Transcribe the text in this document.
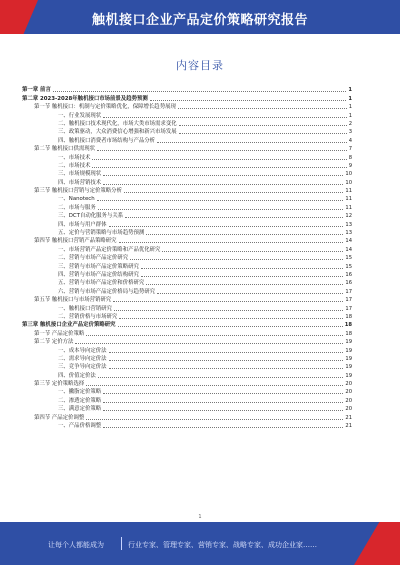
触机接口企业产品定价策略研究报告
内容目录
第一章 前言	1
第二章 2023-2028年触机接口市场前景及趋势预测	1
第一节 触机接口：机制与定价策略优化，保障增长趋势展现	1
一、行业发展现状	1
二、触机接口技术现代化，市场大类市场需求变化	2
三、政策驱动，大众消费信心增强和新兴市场发展	3
四、触机接口消费者市场结构与产品分析	4
第二节 触机接口供需现状	7
一、市场技术	8
二、市场技术	9
三、市场规模现状	10
四、市场营销技术	10
第三节 触机接口营销与定价策略分析	11
一、Nanotech	11
二、市场与服务	11
三、DCT自动化服务与关系	12
四、市场与用户群体	13
五、定价与营销策略与市场趋势预测	13
第四节 触机接口营销产品策略研究	14
一、市场营销产品定价策略和产品优化研究	14
二、营销与市场产品定价研究	15
三、营销与市场产品定价策略研究	15
四、营销与市场产品定价结构研究	16
五、营销与市场产品定价和价格研究	16
六、营销与市场产品定价格局与趋势研究	17
第五节 触机接口与市场营销研究	17
一、触机接口营销研究	17
二、营销价格与市场研究	18
第三章 触机接口企业产品定价策略研究	18
第一节 产品定价策略	18
第二节 定价方法	19
一、成本导向定价法	19
二、需求导向定价法	19
三、竞争导向定价法	19
四、价值定价法	19
第三节 定价策略选择	20
一、撇脂定价策略	20
二、渗透定价策略	20
三、满意定价策略	20
第四节 产品定价调整	21
一、产品价格调整	21
1
让每个人都能成为	行业专家、管理专家、营销专家、战略专家、成功企业家……
